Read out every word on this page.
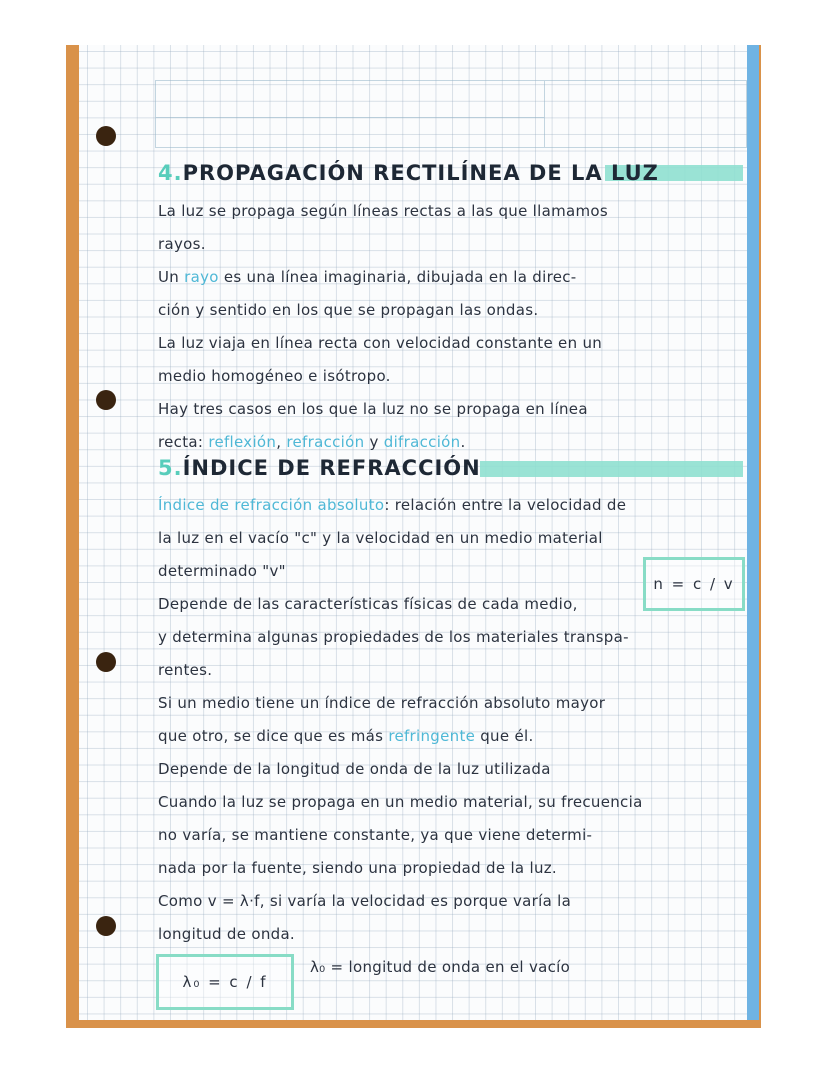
4.PROPAGACIÓN RECTILÍNEA DE LA LUZ
La luz se propaga según líneas rectas a las que llamamos
rayos.
Un rayo es una línea imaginaria, dibujada en la direc-
ción y sentido en los que se propagan las ondas.
La luz viaja en línea recta con velocidad constante en un
medio homogéneo e isótropo.
Hay tres casos en los que la luz no se propaga en línea
recta: reflexión, refracción y difracción.
5.ÍNDICE DE REFRACCIÓN
Índice de refracción absoluto: relación entre la velocidad de
la luz en el vacío "c" y la velocidad en un medio material
determinado "v"
n = c / v
Depende de las características físicas de cada medio,
y determina algunas propiedades de los materiales transpa-
rentes.
Si un medio tiene un índice de refracción absoluto mayor
que otro, se dice que es más refringente que él.
Depende de la longitud de onda de la luz utilizada
Cuando la luz se propaga en un medio material, su frecuencia
no varía, se mantiene constante, ya que viene determi-
nada por la fuente, siendo una propiedad de la luz.
Como v = λ·f, si varía la velocidad es porque varía la
longitud de onda.
λ₀ = c / f
λ₀ = longitud de onda en el vacío
